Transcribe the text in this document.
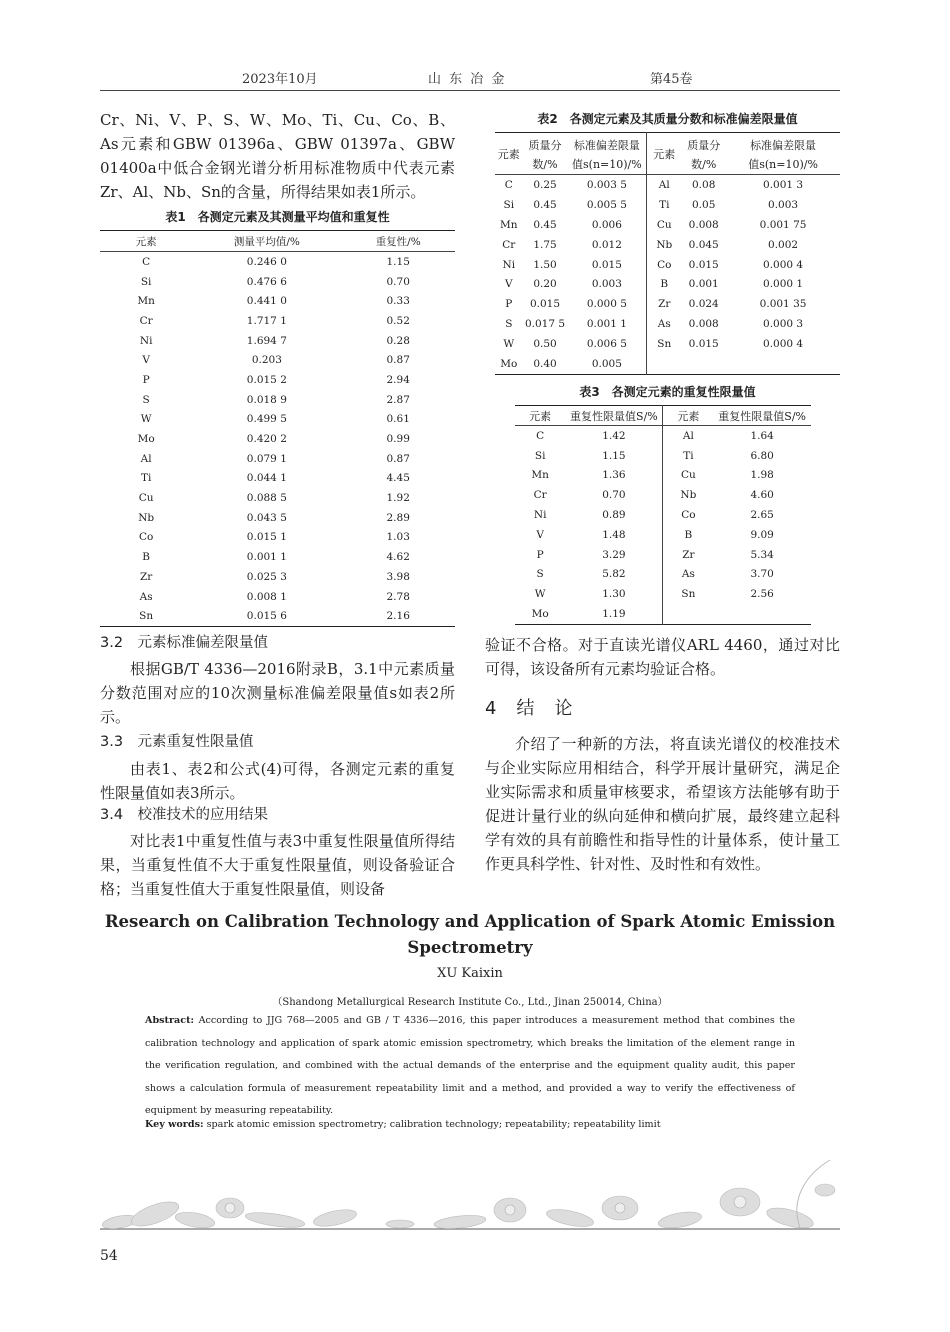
2023年10月	山 东 冶 金	第45卷
Cr、Ni、V、P、S、W、Mo、Ti、Cu、Co、B、As元素和GBW 01396a、GBW 01397a、GBW 01400a中低合金钢光谱分析用标准物质中代表元素Zr、Al、Nb、Sn的含量，所得结果如表1所示。
表1　各测定元素及其测量平均值和重复性
元素	测量平均值/%	重复性/%
C	0.246 0	1.15
Si	0.476 6	0.70
Mn	0.441 0	0.33
Cr	1.717 1	0.52
Ni	1.694 7	0.28
V	0.203	0.87
P	0.015 2	2.94
S	0.018 9	2.87
W	0.499 5	0.61
Mo	0.420 2	0.99
Al	0.079 1	0.87
Ti	0.044 1	4.45
Cu	0.088 5	1.92
Nb	0.043 5	2.89
Co	0.015 1	1.03
B	0.001 1	4.62
Zr	0.025 3	3.98
As	0.008 1	2.78
Sn	0.015 6	2.16
3.2　元素标准偏差限量值
根据GB/T 4336—2016附录B，3.1中元素质量分数范围对应的10次测量标准偏差限量值s如表2所示。
3.3　元素重复性限量值
由表1、表2和公式(4)可得，各测定元素的重复性限量值如表3所示。
3.4　校准技术的应用结果
对比表1中重复性值与表3中重复性限量值所得结果，当重复性值不大于重复性限量值，则设备验证合格；当重复性值大于重复性限量值，则设备
表2　各测定元素及其质量分数和标准偏差限量值
元素	质量分	标准偏差限量	元素	质量分	标准偏差限量
	数/%	值s(n=10)/%		数/%	值s(n=10)/%
C	0.25	0.003 5	Al	0.08	0.001 3
Si	0.45	0.005 5	Ti	0.05	0.003
Mn	0.45	0.006	Cu	0.008	0.001 75
Cr	1.75	0.012	Nb	0.045	0.002
Ni	1.50	0.015	Co	0.015	0.000 4
V	0.20	0.003	B	0.001	0.000 1
P	0.015	0.000 5	Zr	0.024	0.001 35
S	0.017 5	0.001 1	As	0.008	0.000 3
W	0.50	0.006 5	Sn	0.015	0.000 4
Mo	0.40	0.005			
表3　各测定元素的重复性限量值
元素	重复性限量值S/%	元素	重复性限量值S/%
C	1.42	Al	1.64
Si	1.15	Ti	6.80
Mn	1.36	Cu	1.98
Cr	0.70	Nb	4.60
Ni	0.89	Co	2.65
V	1.48	B	9.09
P	3.29	Zr	5.34
S	5.82	As	3.70
W	1.30	Sn	2.56
Mo	1.19		
验证不合格。对于直读光谱仪ARL 4460，通过对比可得，该设备所有元素均验证合格。
4　结　论
介绍了一种新的方法，将直读光谱仪的校准技术与企业实际应用相结合，科学开展计量研究，满足企业实际需求和质量审核要求，希望该方法能够有助于促进计量行业的纵向延伸和横向扩展，最终建立起科学有效的具有前瞻性和指导性的计量体系，使计量工作更具科学性、针对性、及时性和有效性。
Research on Calibration Technology and Application of Spark Atomic Emission
Spectrometry
XU Kaixin
（Shandong Metallurgical Research Institute Co., Ltd., Jinan 250014, China）
Abstract: According to JJG 768—2005 and GB / T 4336—2016, this paper introduces a measurement method that combines the calibration technology and application of spark atomic emission spectrometry, which breaks the limitation of the element range in the verification regulation, and combined with the actual demands of the enterprise and the equipment quality audit, this paper shows a calculation formula of measurement repeatability limit and a method, and provided a way to verify the effectiveness of equipment by measuring repeatability.
Key words: spark atomic emission spectrometry; calibration technology; repeatability; repeatability limit
54
